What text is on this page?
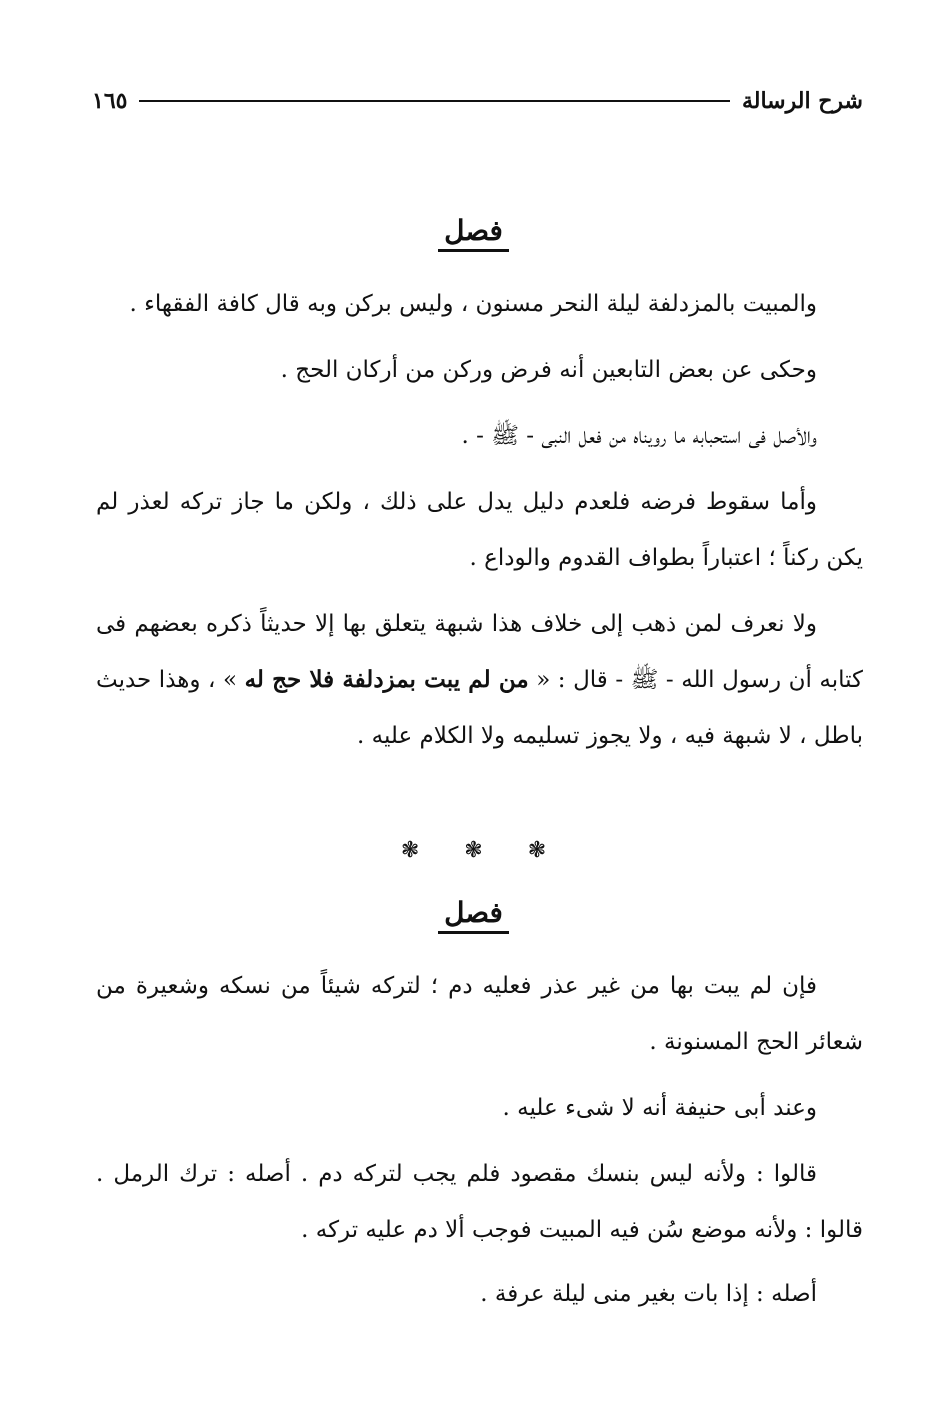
شرح الرسالة
١٦٥
فصل

والمبيت بالمزدلفة ليلة النحر مسنون ، وليس بركن وبه قال كافة الفقهاء .

وحكى عن بعض التابعين أنه فرض وركن من أركان الحج .

والأصل فى استحبابه ما رويناه من فعل النبى - ﷺ - .

وأما سقوط فرضه فلعدم دليل يدل على ذلك ، ولكن ما جاز تركه لعذر لم يكن ركناً ؛ اعتباراً بطواف القدوم والوداع .

ولا نعرف لمن ذهب إلى خلاف هذا شبهة يتعلق بها إلا حديثاً ذكره بعضهم فى كتابه أن رسول الله - ﷺ - قال : « من لم يبت بمزدلفة فلا حج له » ، وهذا حديث باطل ، لا شبهة فيه ، ولا يجوز تسليمه ولا الكلام عليه .

❃ ❃ ❃
فصل

فإن لم يبت بها من غير عذر فعليه دم ؛ لتركه شيئاً من نسكه وشعيرة من شعائر الحج المسنونة .

وعند أبى حنيفة أنه لا شىء عليه .

قالوا : ولأنه ليس بنسك مقصود فلم يجب لتركه دم . أصله : ترك الرمل . قالوا : ولأنه موضع سُن فيه المبيت فوجب ألا دم عليه تركه .

أصله : إذا بات بغير منى ليلة عرفة .
